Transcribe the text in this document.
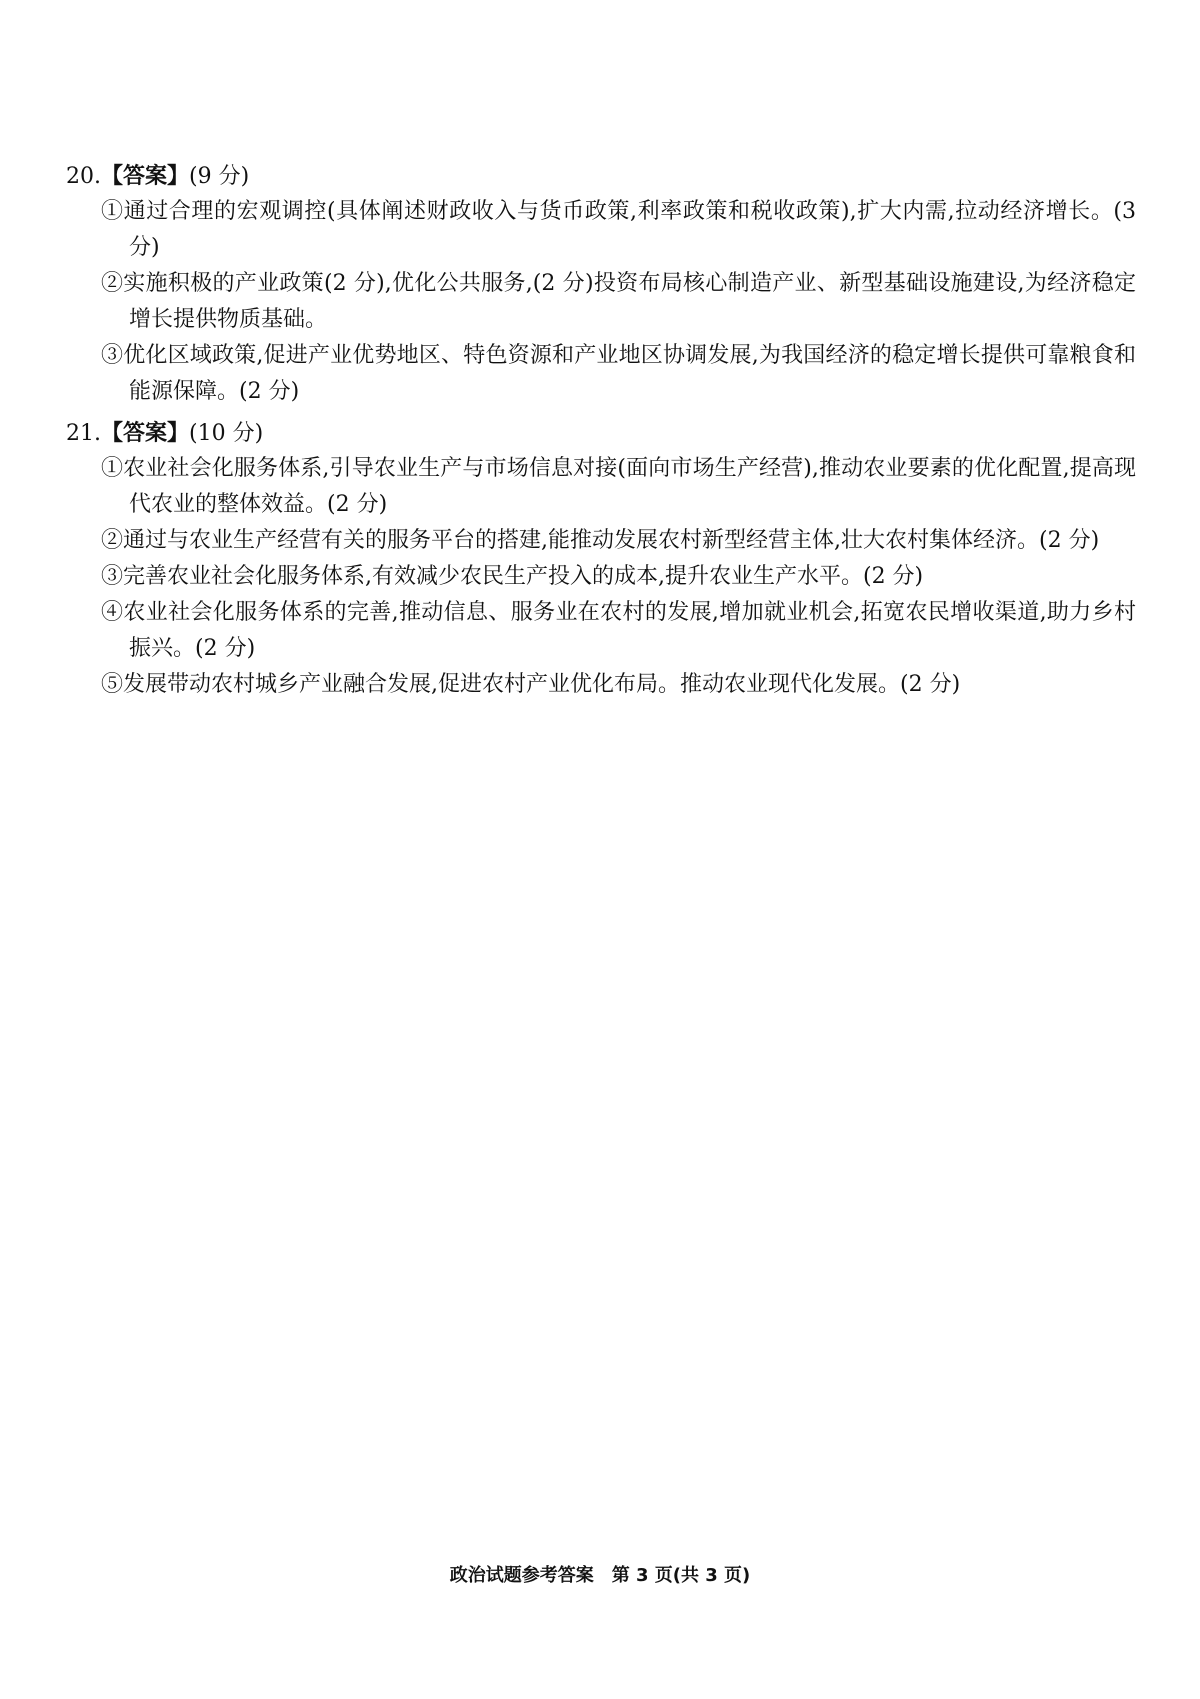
20.【答案】(9 分)
①通过合理的宏观调控(具体阐述财政收入与货币政策,利率政策和税收政策),扩大内需,拉动经济增长。(3 分)
②实施积极的产业政策(2 分),优化公共服务,(2 分)投资布局核心制造产业、新型基础设施建设,为经济稳定增长提供物质基础。
③优化区域政策,促进产业优势地区、特色资源和产业地区协调发展,为我国经济的稳定增长提供可靠粮食和能源保障。(2 分)
21.【答案】(10 分)
①农业社会化服务体系,引导农业生产与市场信息对接(面向市场生产经营),推动农业要素的优化配置,提高现代农业的整体效益。(2 分)
②通过与农业生产经营有关的服务平台的搭建,能推动发展农村新型经营主体,壮大农村集体经济。(2 分)
③完善农业社会化服务体系,有效减少农民生产投入的成本,提升农业生产水平。(2 分)
④农业社会化服务体系的完善,推动信息、服务业在农村的发展,增加就业机会,拓宽农民增收渠道,助力乡村振兴。(2 分)
⑤发展带动农村城乡产业融合发展,促进农村产业优化布局。推动农业现代化发展。(2 分)
政治试题参考答案　第 3 页(共 3 页)
